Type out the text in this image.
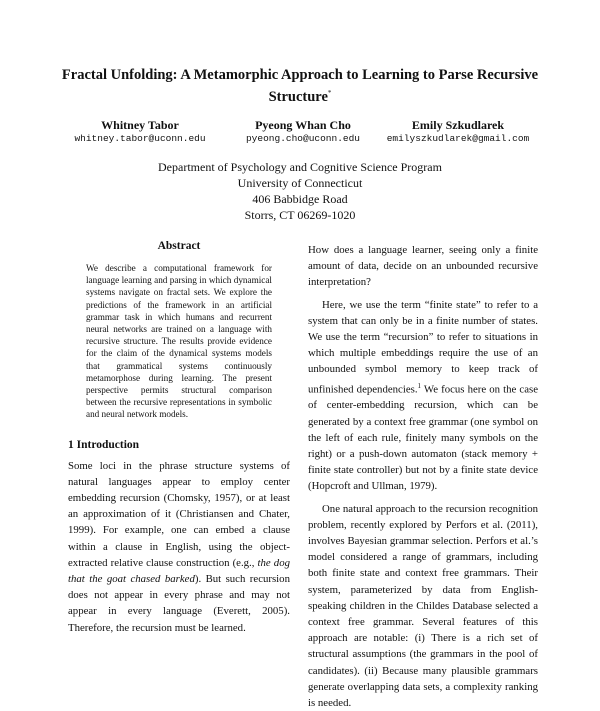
Fractal Unfolding: A Metamorphic Approach to Learning to Parse Recursive Structure*
Whitney Tabor
whitney.tabor@uconn.edu
Pyeong Whan Cho
pyeong.cho@uconn.edu
Emily Szkudlarek
emilyszkudlarek@gmail.com
Department of Psychology and Cognitive Science Program
University of Connecticut
406 Babbidge Road
Storrs, CT 06269-1020
Abstract
We describe a computational framework for language learning and parsing in which dynamical systems navigate on fractal sets. We explore the predictions of the framework in an artificial grammar task in which humans and recurrent neural networks are trained on a language with recursive structure. The results provide evidence for the claim of the dynamical systems models that grammatical systems continuously metamorphose during learning. The present perspective permits structural comparison between the recursive representations in symbolic and neural network models.
1 Introduction
Some loci in the phrase structure systems of natural languages appear to employ center embedding recursion (Chomsky, 1957), or at least an approximation of it (Christiansen and Chater, 1999). For example, one can embed a clause within a clause in English, using the object-extracted relative clause construction (e.g., the dog that the goat chased barked). But such recursion does not appear in every phrase and may not appear in every language (Everett, 2005). Therefore, the recursion must be learned.

How does a language learner, seeing only a finite amount of data, decide on an unbounded recursive interpretation?

Here, we use the term “finite state” to refer to a system that can only be in a finite number of states. We use the term “recursion” to refer to situations in which multiple embeddings require the use of an unbounded symbol memory to keep track of unfinished dependencies.$^1$ We focus here on the case of center-embedding recursion, which can be generated by a context free grammar (one symbol on the left of each rule, finitely many symbols on the right) or a push-down automaton (stack memory + finite state controller) but not by a finite state device (Hopcroft and Ullman, 1979).

One natural approach to the recursion recognition problem, recently explored by Perfors et al. (2011), involves Bayesian grammar selection. Perfors et al.’s model considered a range of grammars, including both finite state and context free grammars. Their system, parameterized by data from English-speaking children in the Childes Database selected a context free grammar. Several features of this approach are notable: (i) There is a rich set of structural assumptions (the grammars in the pool of candidates). (ii) Because many plausible grammars generate overlapping data sets, a complexity ranking is needed.
